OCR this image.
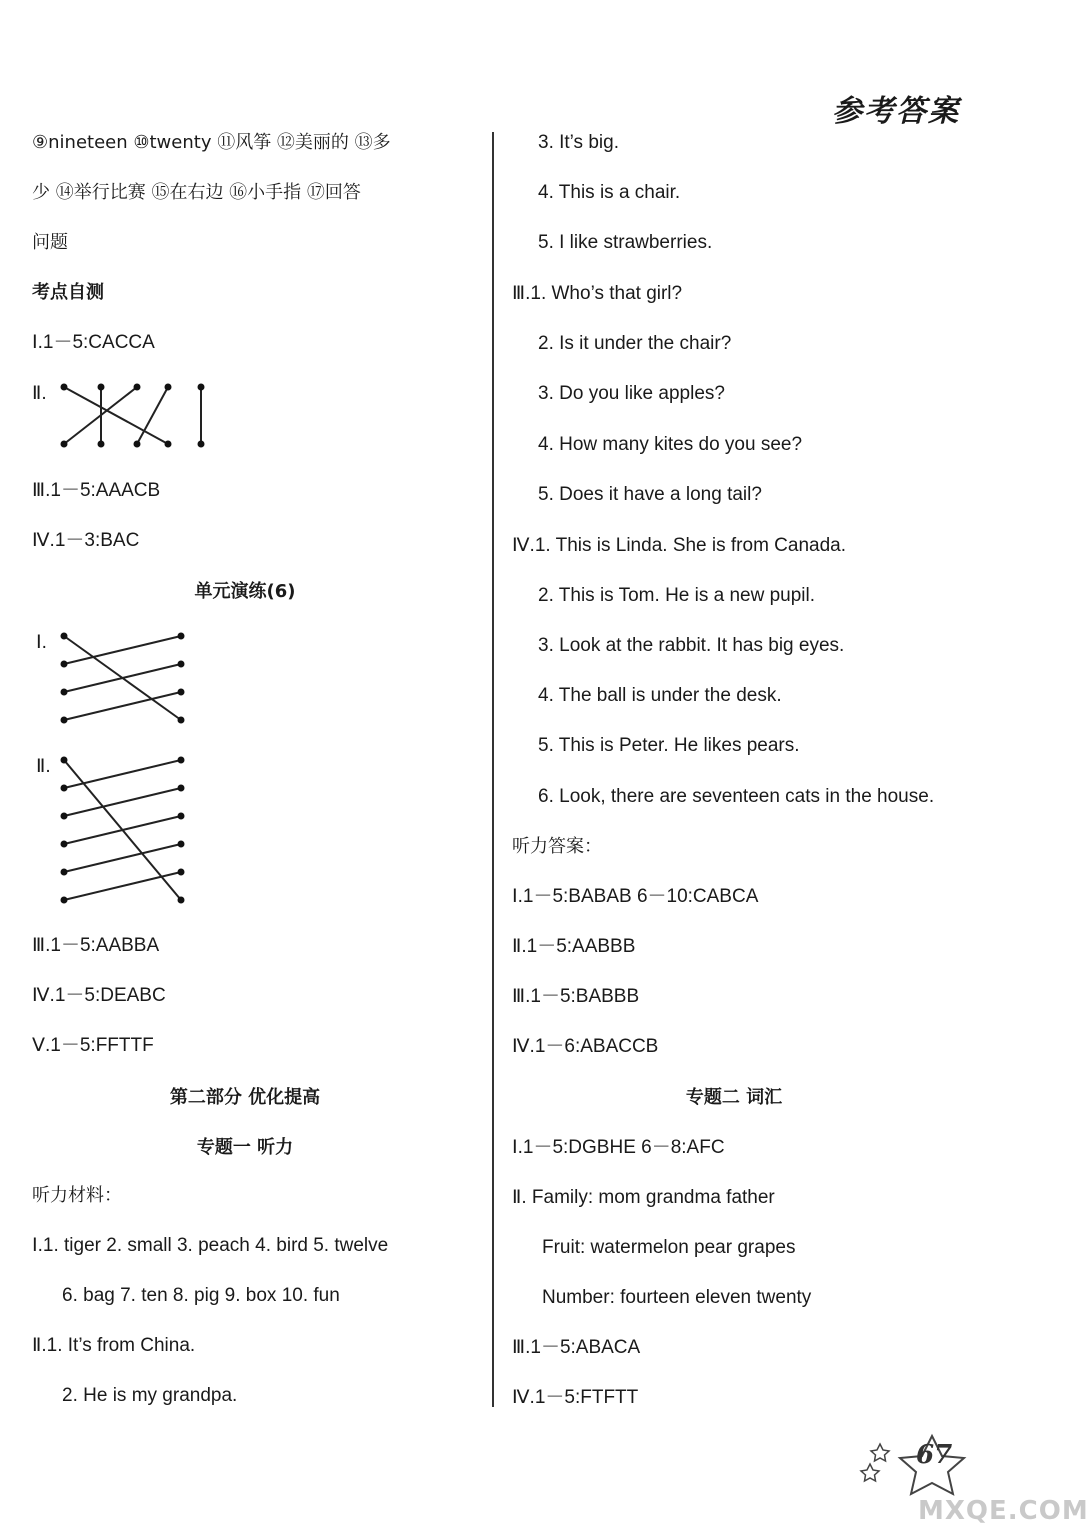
参考答案
⑨nineteen ⑩twenty ⑪风筝 ⑫美丽的 ⑬多
少 ⑭举行比赛 ⑮在右边 ⑯小手指 ⑰回答
问题
考点自测
Ⅰ.1－5:CACCA
Ⅱ.
Ⅲ.1－5:AAACB
Ⅳ.1－3:BAC
Ⅰ.
Ⅱ.
Ⅲ.1－5:AABBA
Ⅳ.1－5:DEABC
Ⅴ.1－5:FFTTF
听力材料：
Ⅰ.1. tiger 2. small 3. peach 4. bird 5. twelve
6. bag 7. ten 8. pig 9. box 10. fun
Ⅱ.1. It’s from China.
2. He is my grandpa.
单元演练(6)
第二部分 优化提高
专题一 听力
3. It’s big.
4. This is a chair.
5. I like strawberries.
Ⅲ.1. Who’s that girl?
2. Is it under the chair?
3. Do you like apples?
4. How many kites do you see?
5. Does it have a long tail?
Ⅳ.1. This is Linda. She is from Canada.
2. This is Tom. He is a new pupil.
3. Look at the rabbit. It has big eyes.
4. The ball is under the desk.
5. This is Peter. He likes pears.
6. Look, there are seventeen cats in the house.
听力答案：
Ⅰ.1－5:BABAB 6－10:CABCA
Ⅱ.1－5:AABBB
Ⅲ.1－5:BABBB
Ⅳ.1－6:ABACCB
Ⅰ.1－5:DGBHE 6－8:AFC
Ⅱ. Family: mom grandma father
Fruit: watermelon pear grapes
Number: fourteen eleven twenty
Ⅲ.1－5:ABACA
Ⅳ.1－5:FTFTT
专题二 词汇
67
MXQE.COM
